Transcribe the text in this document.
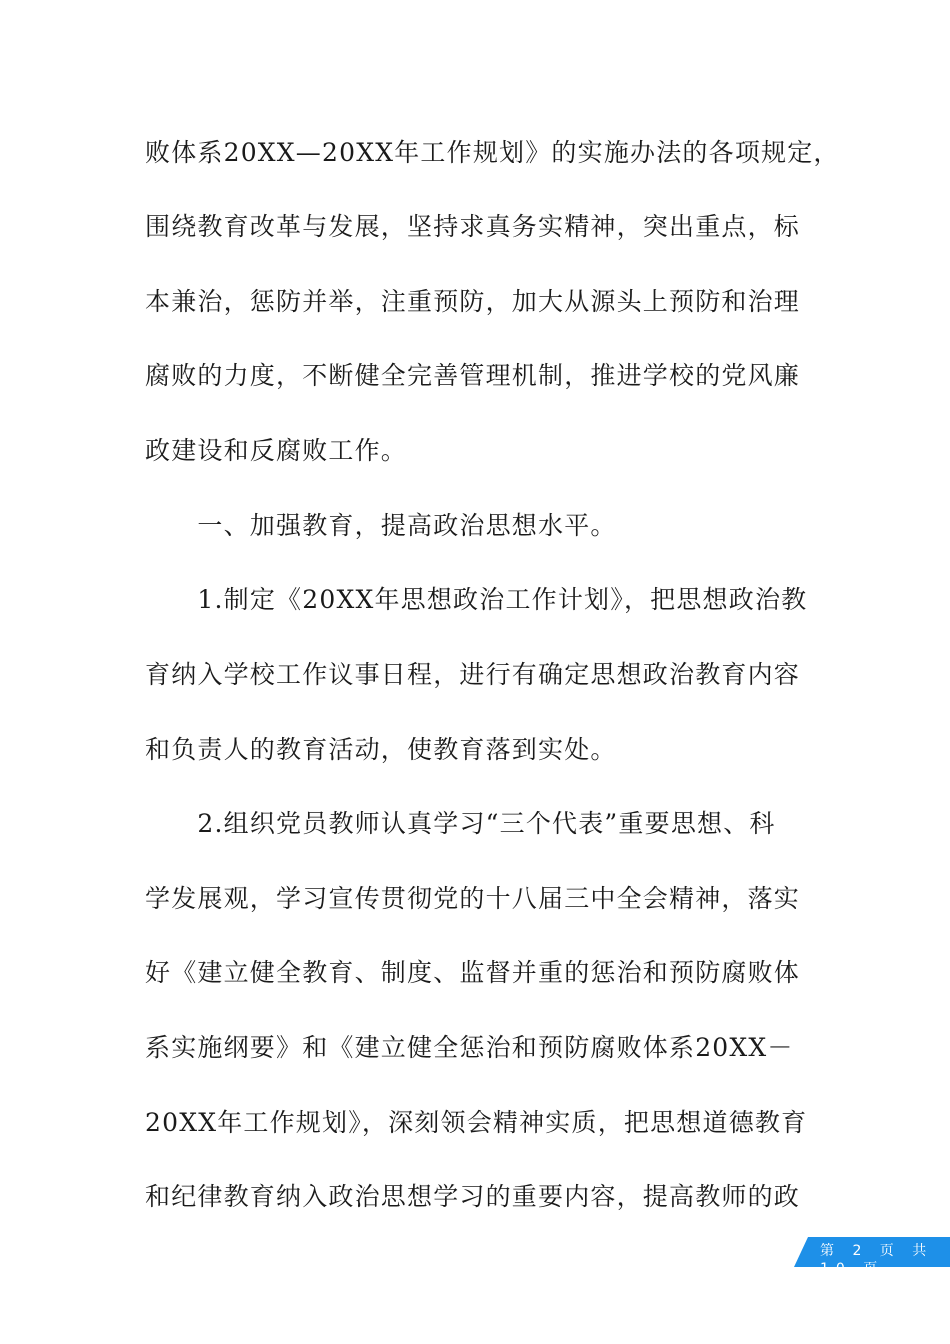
败体系20XX—20XX年工作规划》的实施办法的各项规定，
围绕教育改革与发展，坚持求真务实精神，突出重点，标
本兼治，惩防并举，注重预防，加大从源头上预防和治理
腐败的力度，不断健全完善管理机制，推进学校的党风廉
政建设和反腐败工作。
　　一、加强教育，提高政治思想水平。
　　1.制定《20XX年思想政治工作计划》，把思想政治教
育纳入学校工作议事日程，进行有确定思想政治教育内容
和负责人的教育活动，使教育落到实处。
　　2.组织党员教师认真学习“三个代表”重要思想、科
学发展观，学习宣传贯彻党的十八届三中全会精神，落实
好《建立健全教育、制度、监督并重的惩治和预防腐败体
系实施纲要》和《建立健全惩治和预防腐败体系20XX－
20XX年工作规划》，深刻领会精神实质，把思想道德教育
和纪律教育纳入政治思想学习的重要内容，提高教师的政
第 2 页 共
10 页
